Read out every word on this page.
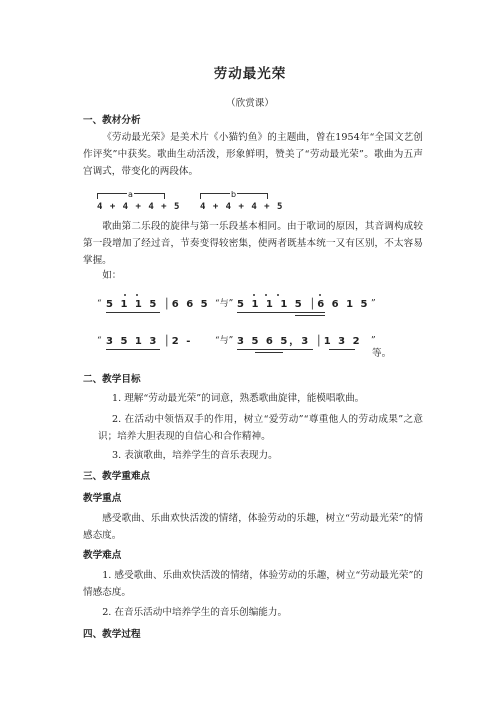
劳动最光荣
（欣赏课）
一、教材分析
《劳动最光荣》是美术片《小猫钓鱼》的主题曲，曾在1954年“全国文艺创作评奖”中获奖。歌曲生动活泼，形象鲜明，赞美了“劳动最光荣”。歌曲为五声宫调式，带变化的两段体。
a
4 + 4 + 4 + 5
b
4 + 4 + 4 + 5
歌曲第二乐段的旋律与第一乐段基本相同。由于歌词的原因，其音调构成较第一段增加了经过音，节奏变得较密集，使两者既基本统一又有区别，不太容易掌握。
如：
“ 5 1 1 5 │6 6 5 “与” 5 1 1 1 5 │6 6 1 5 ”
“ 3 5 1 3 │2 -	“与” 3 5 6 5，3 │1 3 2 ”
等。
二、教学目标
1. 理解“劳动最光荣”的词意，熟悉歌曲旋律，能模唱歌曲。
2. 在活动中领悟双手的作用，树立“爱劳动”“尊重他人的劳动成果”之意识；培养大胆表现的自信心和合作精神。
3. 表演歌曲，培养学生的音乐表现力。
三、教学重难点
教学重点
感受歌曲、乐曲欢快活泼的情绪，体验劳动的乐趣，树立“劳动最光荣”的情感态度。
教学难点
1. 感受歌曲、乐曲欢快活泼的情绪，体验劳动的乐趣，树立“劳动最光荣”的情感态度。
2. 在音乐活动中培养学生的音乐创编能力。
四、教学过程
